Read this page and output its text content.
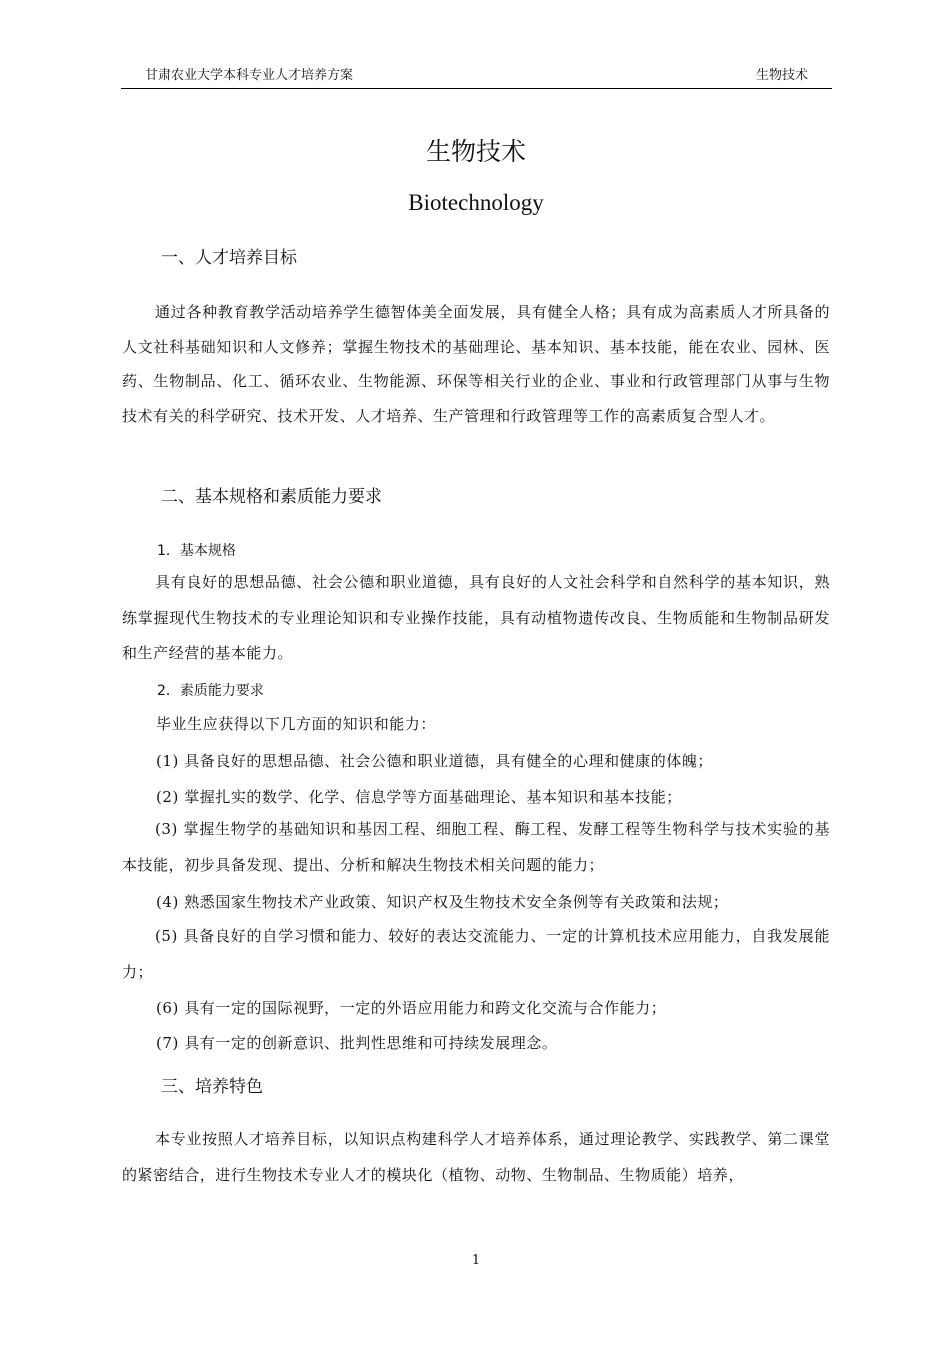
甘肃农业大学本科专业人才培养方案	生物技术
生物技术
Biotechnology
一、人才培养目标
通过各种教育教学活动培养学生德智体美全面发展，具有健全人格；具有成为高素质人才所具备的人文社科基础知识和人文修养；掌握生物技术的基础理论、基本知识、基本技能，能在农业、园林、医药、生物制品、化工、循环农业、生物能源、环保等相关行业的企业、事业和行政管理部门从事与生物技术有关的科学研究、技术开发、人才培养、生产管理和行政管理等工作的高素质复合型人才。
二、基本规格和素质能力要求
1．基本规格
具有良好的思想品德、社会公德和职业道德，具有良好的人文社会科学和自然科学的基本知识，熟练掌握现代生物技术的专业理论知识和专业操作技能，具有动植物遗传改良、生物质能和生物制品研发和生产经营的基本能力。
2．素质能力要求
毕业生应获得以下几方面的知识和能力：
(1) 具备良好的思想品德、社会公德和职业道德，具有健全的心理和健康的体魄；
(2) 掌握扎实的数学、化学、信息学等方面基础理论、基本知识和基本技能；
(3) 掌握生物学的基础知识和基因工程、细胞工程、酶工程、发酵工程等生物科学与技术实验的基本技能，初步具备发现、提出、分析和解决生物技术相关问题的能力；
(4) 熟悉国家生物技术产业政策、知识产权及生物技术安全条例等有关政策和法规；
(5) 具备良好的自学习惯和能力、较好的表达交流能力、一定的计算机技术应用能力，自我发展能力；
(6) 具有一定的国际视野，一定的外语应用能力和跨文化交流与合作能力；
(7) 具有一定的创新意识、批判性思维和可持续发展理念。
三、培养特色
本专业按照人才培养目标，以知识点构建科学人才培养体系，通过理论教学、实践教学、第二课堂的紧密结合，进行生物技术专业人才的模块化（植物、动物、生物制品、生物质能）培养，
1
